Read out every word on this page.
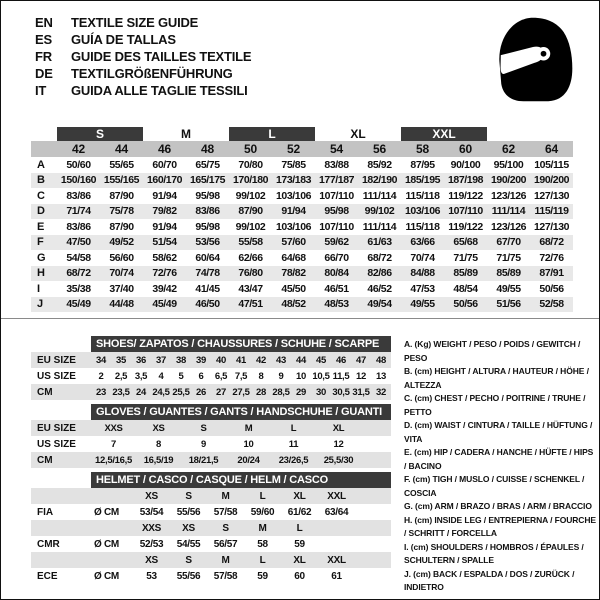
EN	TEXTILE SIZE GUIDE
ES	GUÍA DE TALLAS
FR	GUIDE DES TAILLES TEXTILE
DE	TEXTILGRÖßENFÜHRUNG
IT	GUIDA ALLE TAGLIE TESSILI
	S		M		L		XL		XXL			
	42	44	46	48	50	52	54	56	58	60	62	64
A	50/60	55/65	60/70	65/75	70/80	75/85	83/88	85/92	87/95	90/100	95/100	105/115
B	150/160	155/165	160/170	165/175	170/180	173/183	177/187	182/190	185/195	187/198	190/200	190/200
C	83/86	87/90	91/94	95/98	99/102	103/106	107/110	111/114	115/118	119/122	123/126	127/130
D	71/74	75/78	79/82	83/86	87/90	91/94	95/98	99/102	103/106	107/110	111/114	115/119
E	83/86	87/90	91/94	95/98	99/102	103/106	107/110	111/114	115/118	119/122	123/126	127/130
F	47/50	49/52	51/54	53/56	55/58	57/60	59/62	61/63	63/66	65/68	67/70	68/72
G	54/58	56/60	58/62	60/64	62/66	64/68	66/70	68/72	70/74	71/75	71/75	72/76
H	68/72	70/74	72/76	74/78	76/80	78/82	80/84	82/86	84/88	85/89	85/89	87/91
I	35/38	37/40	39/42	41/45	43/47	45/50	46/51	46/52	47/53	48/54	49/55	50/56
J	45/49	44/48	45/49	46/50	47/51	48/52	48/53	49/54	49/55	50/56	51/56	52/58
	SHOES/ ZAPATOS / CHAUSSURES / SCHUHE / SCARPE														
EU SIZE	34	35	36	37	38	39	40	41	42	43	44	45	46	47	48
US SIZE	2	2,5	3,5	4	5	6	6,5	7,5	8	9	10	10,5	11,5	12	13
CM	23	23,5	24	24,5	25,5	26	27	27,5	28	28,5	29	30	30,5	31,5	32
	GLOVES / GUANTES / GANTS / HANDSCHUHE / GUANTI						
EU SIZE	XXS	XS	S	M	L	XL	
US SIZE	7	8	9	10	11	12	
CM	12,5/16,5	16,5/19	18/21,5	20/24	23/26,5	25,5/30	
	HELMET / CASCO / CASQUE / HELM / CASCO							
		XS	S	M	L	XL	XXL	
FIA	Ø CM	53/54	55/56	57/58	59/60	61/62	63/64	
		XXS	XS	S	M	L		
CMR	Ø CM	52/53	54/55	56/57	58	59		
		XS	S	M	L	XL	XXL	
ECE	Ø CM	53	55/56	57/58	59	60	61	
A. (Kg) WEIGHT / PESO / POIDS / GEWITCH / PESO
B. (cm) HEIGHT / ALTURA / HAUTEUR / HÖHE / ALTEZZA
C. (cm) CHEST / PECHO / POITRINE / TRUHE / PETTO
D. (cm) WAIST / CINTURA / TAILLE / HÜFTUNG / VITA
E. (cm) HIP / CADERA / HANCHE / HÜFTE / HIPS / BACINO
F. (cm) TIGH / MUSLO / CUISSE / SCHENKEL / COSCIA
G. (cm) ARM / BRAZO / BRAS / ARM / BRACCIO
H. (cm) INSIDE LEG / ENTREPIERNA / FOURCHE / SCHRITT / FORCELLA
I. (cm) SHOULDERS / HOMBROS / ÉPAULES / SCHULTERN / SPALLE
J. (cm) BACK / ESPALDA / DOS / ZURÜCK / INDIETRO
